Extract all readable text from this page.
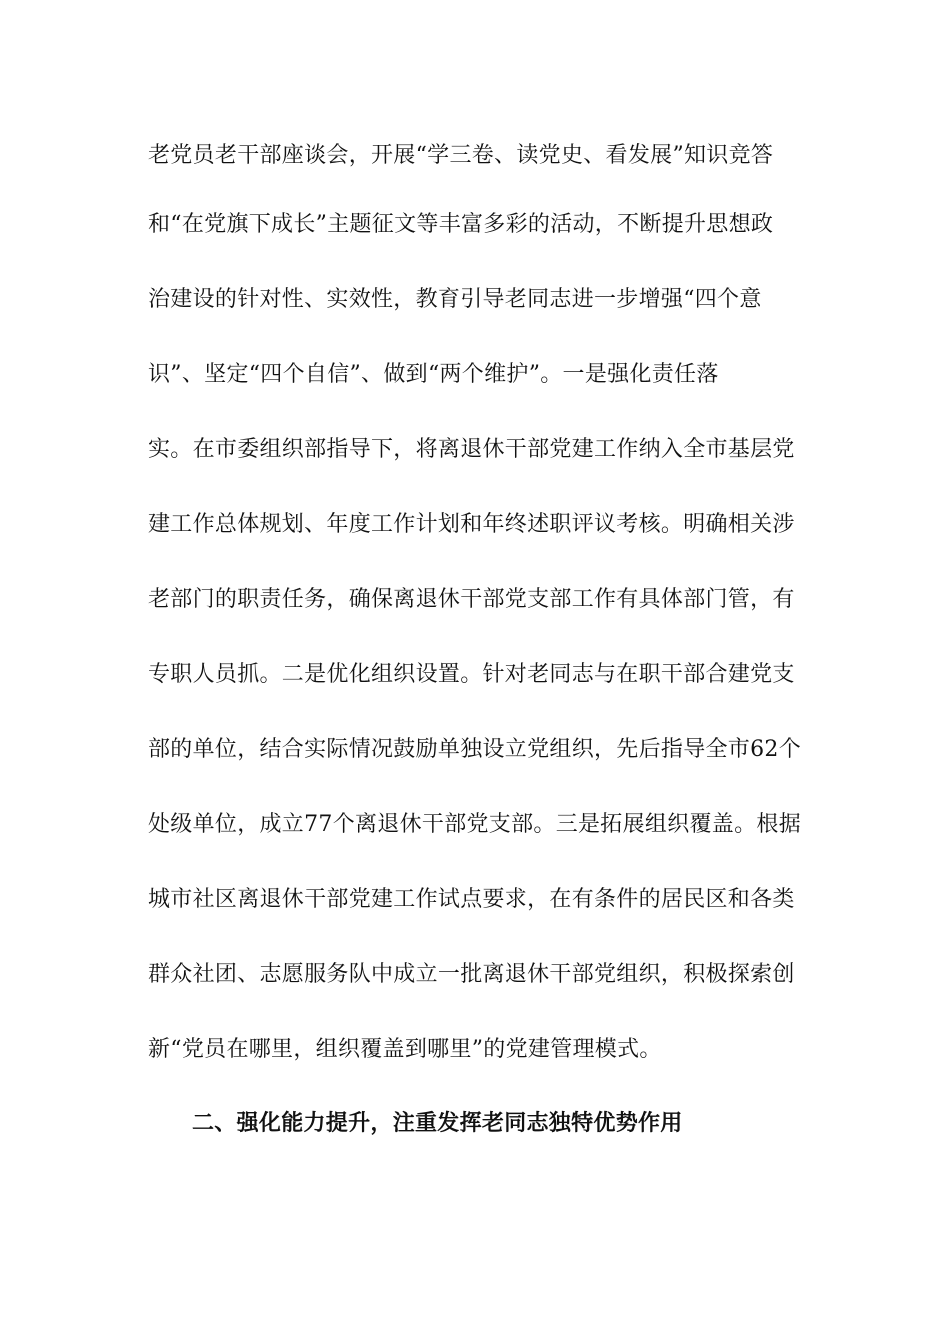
老党员老干部座谈会，开展“学三卷、读党史、看发展”知识竞答
和“在党旗下成长”主题征文等丰富多彩的活动，不断提升思想政
治建设的针对性、实效性，教育引导老同志进一步增强“四个意
识”、坚定“四个自信”、做到“两个维护”。一是强化责任落
实。在市委组织部指导下，将离退休干部党建工作纳入全市基层党
建工作总体规划、年度工作计划和年终述职评议考核。明确相关涉
老部门的职责任务，确保离退休干部党支部工作有具体部门管，有
专职人员抓。二是优化组织设置。针对老同志与在职干部合建党支
部的单位，结合实际情况鼓励单独设立党组织，先后指导全市62个
处级单位，成立77个离退休干部党支部。三是拓展组织覆盖。根据
城市社区离退休干部党建工作试点要求，在有条件的居民区和各类
群众社团、志愿服务队中成立一批离退休干部党组织，积极探索创
新“党员在哪里，组织覆盖到哪里”的党建管理模式。
二、强化能力提升，注重发挥老同志独特优势作用
